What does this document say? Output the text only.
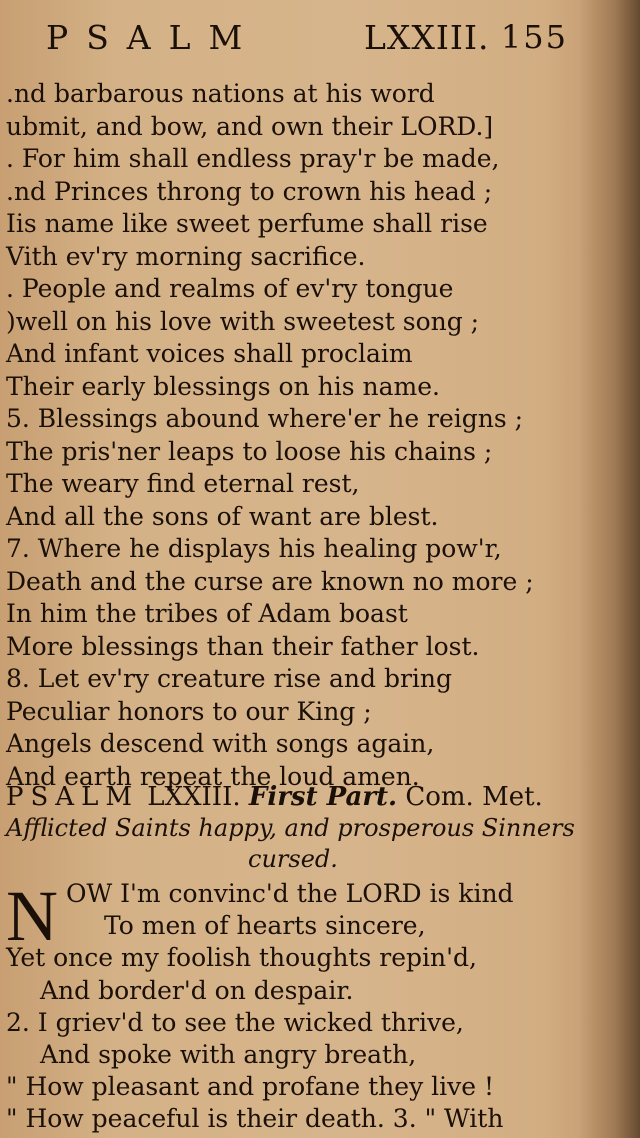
PSALM	LXXIII. 155
.nd barbarous nations at his word
ubmit, and bow, and own their LORD.]
. For him shall endless pray'r be made,
.nd Princes throng to crown his head ;
Iis name like sweet perfume shall rise
Vith ev'ry morning sacrifice.
. People and realms of ev'ry tongue
)well on his love with sweetest song ;
And infant voices shall proclaim
Their early blessings on his name.
5. Blessings abound where'er he reigns ;
The pris'ner leaps to loose his chains ;
The weary find eternal rest,
And all the sons of want are blest.
7. Where he displays his healing pow'r,
Death and the curse are known no more ;
In him the tribes of Adam boast
More blessings than their father lost.
8. Let ev'ry creature rise and bring
Peculiar honors to our King ;
Angels descend with songs again,
And earth repeat the loud amen.
PSALM LXXIII. First Part. Com. Met.
Afflicted Saints happy, and prosperous Sinners
cursed.
N OW I'm convinc'd the LORD is kind
To men of hearts sincere,
Yet once my foolish thoughts repin'd,
And border'd on despair.
2. I griev'd to see the wicked thrive,
And spoke with angry breath,
" How pleasant and profane they live !
" How peaceful is their death. 3. " With
